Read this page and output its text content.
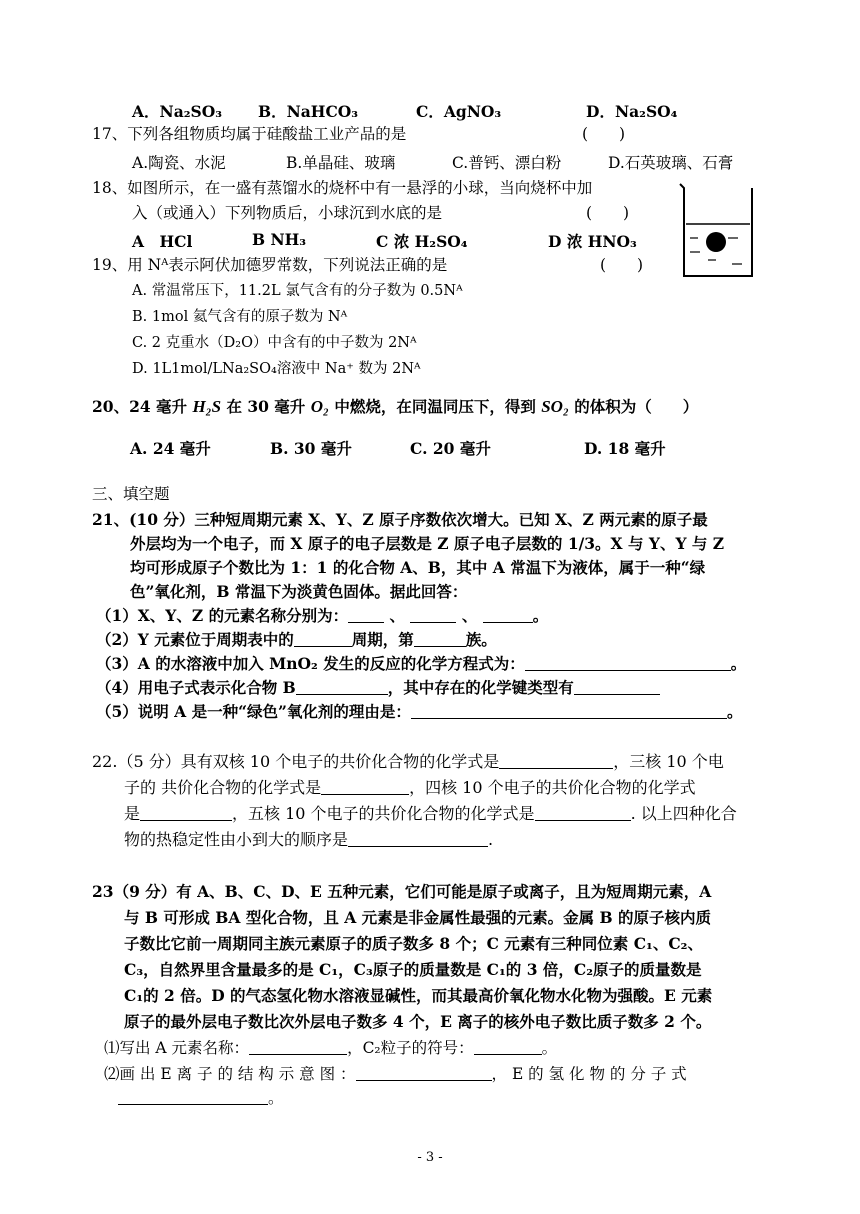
A．Na₂SO₃ B．NaHCO₃	C．AgNO₃	D．Na₂SO₄
17、下列各组物质均属于硅酸盐工业产品的是	(　　)
A.陶瓷、水泥	B.单晶硅、玻璃	C.普钙、漂白粉	D.石英玻璃、石膏
18、如图所示，在一盛有蒸馏水的烧杯中有一悬浮的小球，当向烧杯中加
入（或通入）下列物质后，小球沉到水底的是	(　　)
A　HCl	B NH₃	C 浓 H₂SO₄	D 浓 HNO₃
19、用 Nᴬ表示阿伏加德罗常数，下列说法正确的是	(　　)
A. 常温常压下，11.2L 氯气含有的分子数为 0.5Nᴬ
B. 1mol 氦气含有的原子数为 Nᴬ
C. 2 克重水（D₂O）中含有的中子数为 2Nᴬ
D. 1L1mol/LNa₂SO₄溶液中 Na⁺ 数为 2Nᴬ
20、24 毫升 H₂S 在 30 毫升 O₂ 中燃烧，在同温同压下，得到 SO₂ 的体积为（　　）
A. 24 毫升	B. 30 毫升	C. 20 毫升	D. 18 毫升
三、填空题
21、(10 分）三种短周期元素 X、Y、Z 原子序数依次增大。已知 X、Z 两元素的原子最
外层均为一个电子，而 X 原子的电子层数是 Z 原子电子层数的 1/3。X 与 Y、Y 与 Z
均可形成原子个数比为 1：1 的化合物 A、B，其中 A 常温下为液体，属于一种“绿
色”氧化剂，B 常温下为淡黄色固体。据此回答：
（1）X、Y、Z 的元素名称分别为：	、	、	。
（2）Y 元素位于周期表中的	周期，第	族。
（3）A 的水溶液中加入 MnO₂ 发生的反应的化学方程式为：	。
（4）用电子式表示化合物 B	，其中存在的化学键类型有
（5）说明 A 是一种“绿色”氧化剂的理由是：	。
22.（5 分）具有双核 10 个电子的共价化合物的化学式是	，三核 10 个电
子的 共价化合物的化学式是	，四核 10 个电子的共价化合物的化学式
是	，五核 10 个电子的共价化合物的化学式是	. 以上四种化合
物的热稳定性由小到大的顺序是	.
23（9 分）有 A、B、C、D、E 五种元素，它们可能是原子或离子，且为短周期元素，A
与 B 可形成 BA 型化合物，且 A 元素是非金属性最强的元素。金属 B 的原子核内质
子数比它前一周期同主族元素原子的质子数多 8 个；C 元素有三种同位素 C₁、C₂、
C₃，自然界里含量最多的是 C₁，C₃原子的质量数是 C₁的 3 倍，C₂原子的质量数是
C₁的 2 倍。D 的气态氢化物水溶液显碱性，而其最高价氧化物水化物为强酸。E 元素
原子的最外层电子数比次外层电子数多 4 个，E 离子的核外电子数比质子数多 2 个。
⑴写出 A 元素名称：	，C₂粒子的符号：	。
⑵画 出 E 离 子 的 结 构 示 意 图 ：	， E 的 氢 化 物 的 分 子 式
。
- 3 -
